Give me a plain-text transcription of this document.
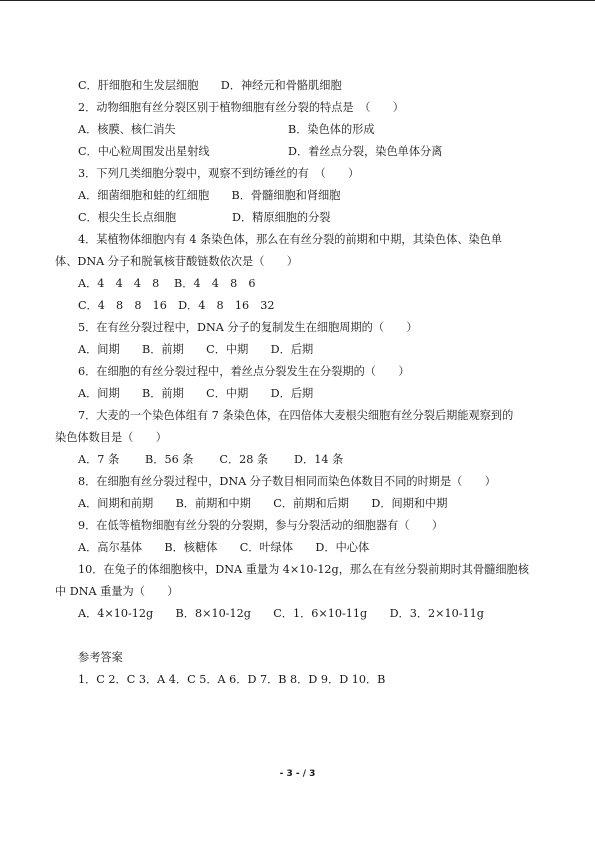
C．肝细胞和生发层细胞　　D．神经元和骨骼肌细胞
2．动物细胞有丝分裂区别于植物细胞有丝分裂的特点是　（　　）
A．核膜、核仁消失	B．染色体的形成
C．中心粒周围发出星射线	D．着丝点分裂，染色单体分离
3．下列几类细胞分裂中，观察不到纺锤丝的有　（　　）
A．细菌细胞和蛙的红细胞　　B．骨髓细胞和肾细胞
C．根尖生长点细胞　　　　　D．精原细胞的分裂
4．某植物体细胞内有 4 条染色体，那么在有丝分裂的前期和中期，其染色体、染色单
体、DNA 分子和脱氧核苷酸链数依次是（　　）
A．4　4　4　8　 B．4　4　8　6
C．4　8　8　16　D．4　8　16　32
5．在有丝分裂过程中，DNA 分子的复制发生在细胞周期的（　　）
A．间期　　B．前期　　C．中期　　D．后期
6．在细胞的有丝分裂过程中，着丝点分裂发生在分裂期的（　　）
A．间期　　B．前期　　C．中期　　D．后期
7．大麦的一个染色体组有 7 条染色体，在四倍体大麦根尖细胞有丝分裂后期能观察到的
染色体数目是（　　）
A．7 条　　 B．56 条　　 C．28 条　　 D．14 条
8．在细胞有丝分裂过程中，DNA 分子数目相同而染色体数目不同的时期是（　　）
A．间期和前期　　B．前期和中期　　C．前期和后期　　D．间期和中期
9．在低等植物细胞有丝分裂的分裂期，参与分裂活动的细胞器有（　　）
A．高尔基体　　B．核糖体　　C．叶绿体　　D．中心体
10．在兔子的体细胞核中，DNA 重量为 4×10-12g，那么在有丝分裂前期时其骨髓细胞核
中 DNA 重量为（　　）
A．4×10-12g　　B．8×10-12g　　C．1．6×10-11g　　D．3．2×10-11g
参考答案
1．C 2．C 3．A 4．C 5．A 6．D 7．B 8．D 9．D 10．B
- 3 - / 3
